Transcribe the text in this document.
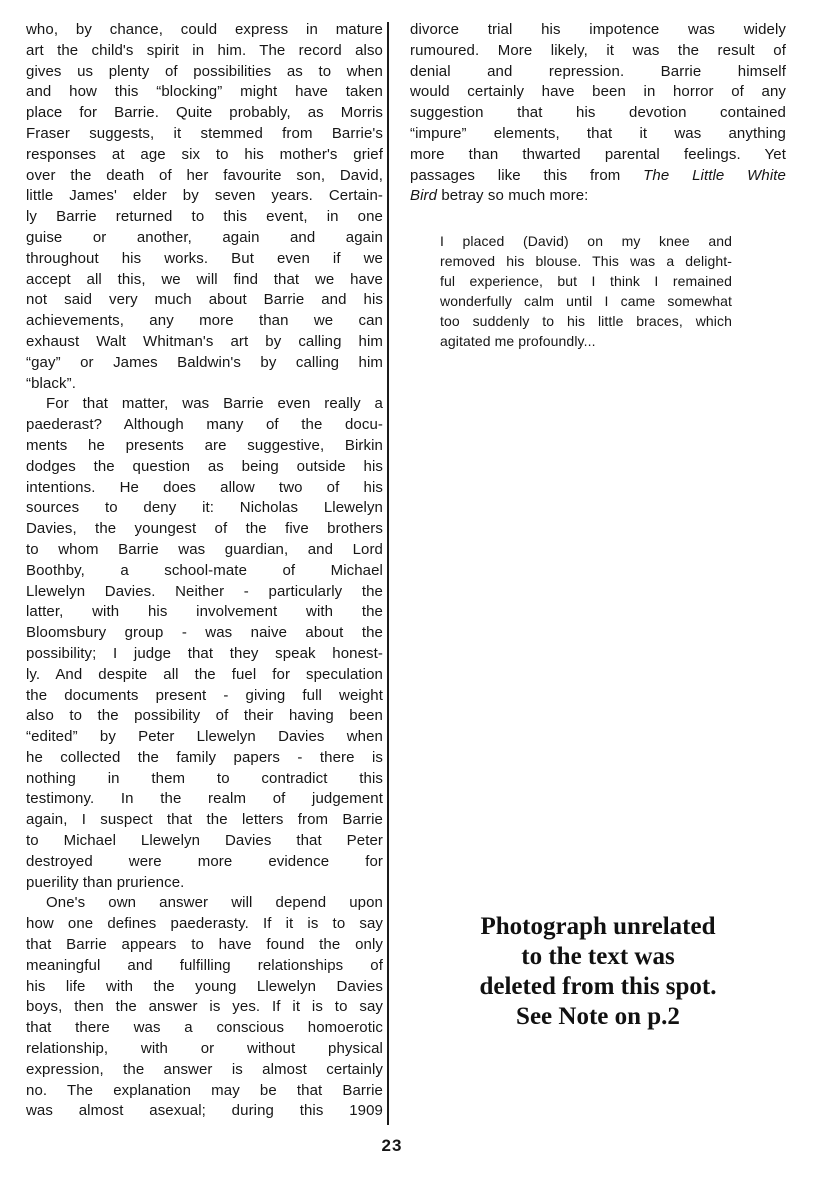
who, by chance, could express in mature
art the child's spirit in him. The record also
gives us plenty of possibilities as to when
and how this “blocking” might have taken
place for Barrie. Quite probably, as Morris
Fraser suggests, it stemmed from Barrie's
responses at age six to his mother's grief
over the death of her favourite son, David,
little James' elder by seven years. Certain-
ly Barrie returned to this event, in one
guise or another, again and again
throughout his works. But even if we
accept all this, we will find that we have
not said very much about Barrie and his
achievements, any more than we can
exhaust Walt Whitman's art by calling him
“gay” or James Baldwin's by calling him
“black”.
For that matter, was Barrie even really a
paederast? Although many of the docu-
ments he presents are suggestive, Birkin
dodges the question as being outside his
intentions. He does allow two of his
sources to deny it: Nicholas Llewelyn
Davies, the youngest of the five brothers
to whom Barrie was guardian, and Lord
Boothby, a school-mate of Michael
Llewelyn Davies. Neither - particularly the
latter, with his involvement with the
Bloomsbury group - was naive about the
possibility; I judge that they speak honest-
ly. And despite all the fuel for speculation
the documents present - giving full weight
also to the possibility of their having been
“edited” by Peter Llewelyn Davies when
he collected the family papers - there is
nothing in them to contradict this
testimony. In the realm of judgement
again, I suspect that the letters from Barrie
to Michael Llewelyn Davies that Peter
destroyed were more evidence for
puerility than prurience.
One's own answer will depend upon
how one defines paederasty. If it is to say
that Barrie appears to have found the only
meaningful and fulfilling relationships of
his life with the young Llewelyn Davies
boys, then the answer is yes. If it is to say
that there was a conscious homoerotic
relationship, with or without physical
expression, the answer is almost certainly
no. The explanation may be that Barrie
was almost asexual; during this 1909
divorce trial his impotence was widely
rumoured. More likely, it was the result of
denial and repression. Barrie himself
would certainly have been in horror of any
suggestion that his devotion contained
“impure” elements, that it was anything
more than thwarted parental feelings. Yet
passages like this from The Little White
Bird betray so much more:
I placed (David) on my knee and
removed his blouse. This was a delight-
ful experience, but I think I remained
wonderfully calm until I came somewhat
too suddenly to his little braces, which
agitated me profoundly...
Photograph unrelated
to the text was
deleted from this spot.
See Note on p.2
23
